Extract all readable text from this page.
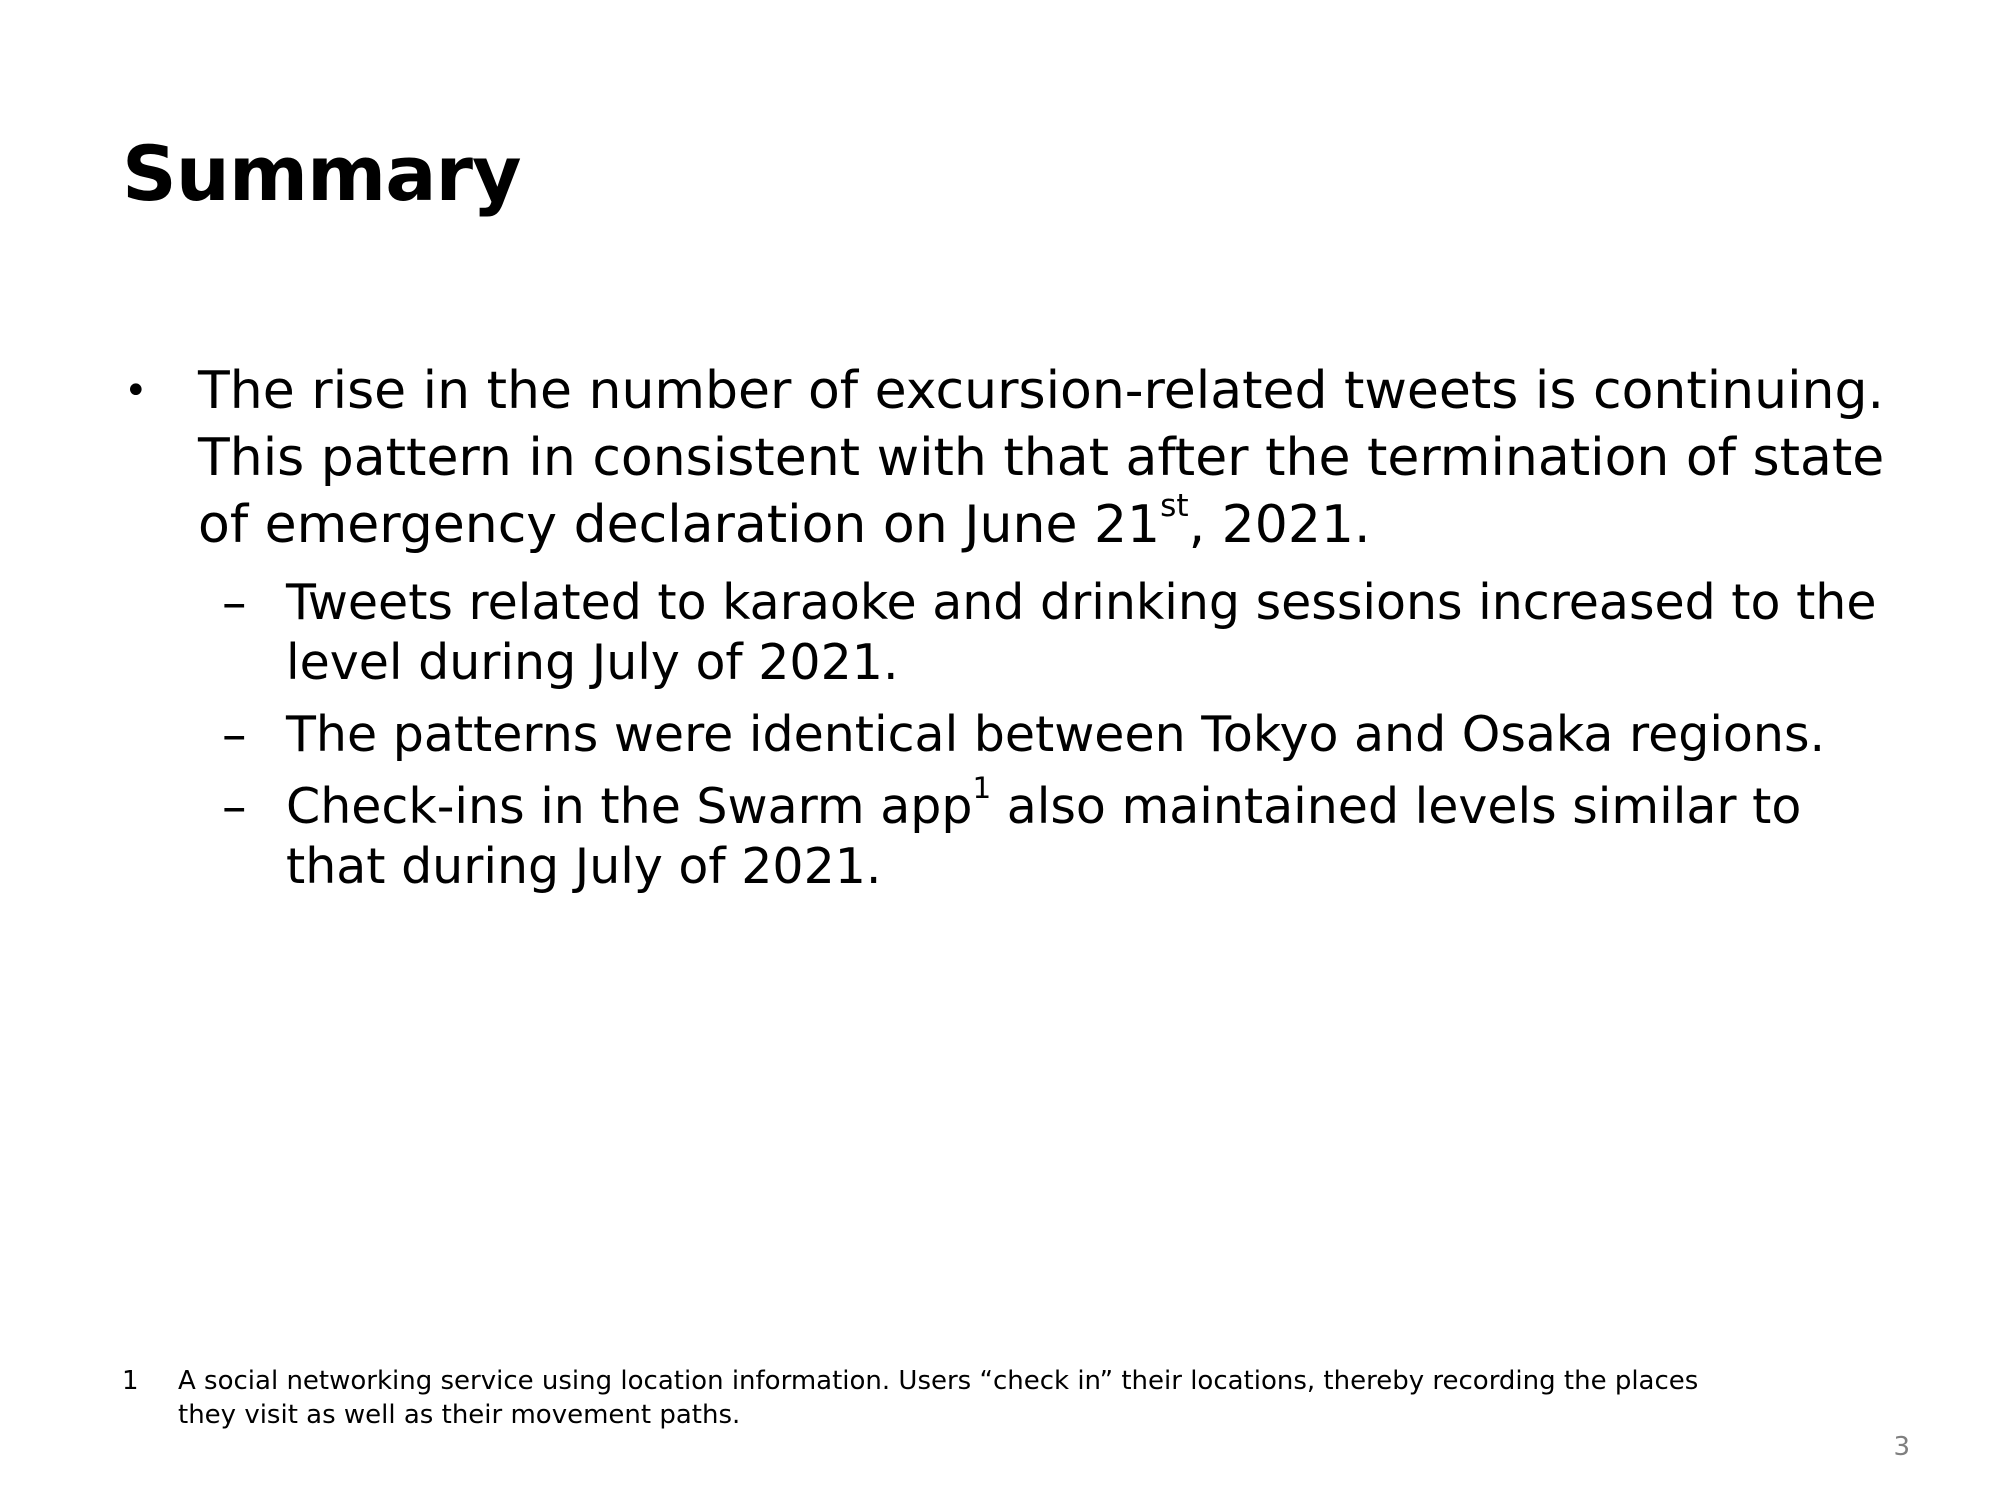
Summary
• The rise in the number of excursion-related tweets is continuing. This pattern in consistent with that after the termination of state of emergency declaration on June 21st, 2021.
– Tweets related to karaoke and drinking sessions increased to the level during July of 2021.
– The patterns were identical between Tokyo and Osaka regions.
– Check-ins in the Swarm app$^1$ also maintained levels similar to that during July of 2021.
1 A social networking service using location information. Users “check in” their locations, thereby recording the places they visit as well as their movement paths.
3
